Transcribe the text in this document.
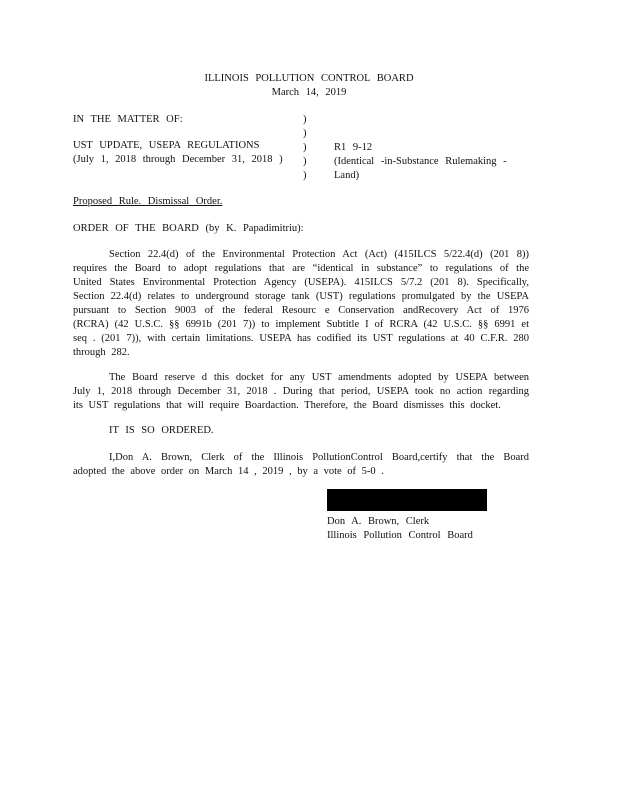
ILLINOIS POLLUTION CONTROL BOARD
March 14, 2019
IN THE MATTER OF:	)
)
)
)
)
UST UPDATE, USEPA REGULATIONS
(July 1, 2018 through December 31, 2018 )
R1 9-12
(Identical -in-Substance Rulemaking -
Land)
Proposed Rule. Dismissal Order.
ORDER OF THE BOARD (by K. Papadimitriu):
Section 22.4(d) of the Environmental Protection Act (Act) (415ILCS 5/22.4(d) (201 8)) requires the Board to adopt regulations that are “identical in substance” to regulations of the United States Environmental Protection Agency (USEPA). 415ILCS 5/7.2 (201 8). Specifically, Section 22.4(d) relates to underground storage tank (UST) regulations promulgated by the USEPA pursuant to Section 9003 of the federal Resourc e Conservation andRecovery Act of 1976 (RCRA) (42 U.S.C. §§ 6991b (201 7)) to implement Subtitle I of RCRA (42 U.S.C. §§ 6991 et seq . (201 7)), with certain limitations. USEPA has codified its UST regulations at 40 C.F.R. 280 through 282.
The Board reserve d this docket for any UST amendments adopted by USEPA between July 1, 2018 through December 31, 2018 . During that period, USEPA took no action regarding its UST regulations that will require Boardaction. Therefore, the Board dismisses this docket.
IT IS SO ORDERED.
I,Don A. Brown, Clerk of the Illinois PollutionControl Board,certify that the Board adopted the above order on March 14 , 2019 , by a vote of 5-0 .
Don A. Brown, Clerk
Illinois Pollution Control Board
